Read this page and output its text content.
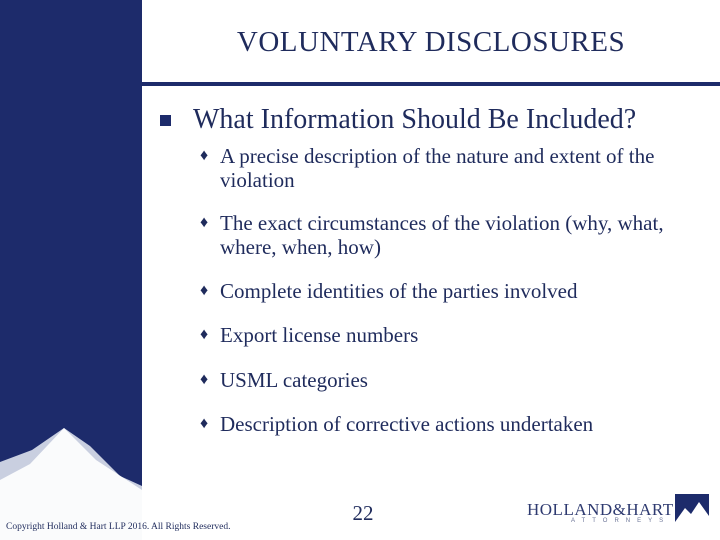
VOLUNTARY DISCLOSURES
What Information Should Be Included?
♦ A precise description of the nature and extent of the violation
♦ The exact circumstances of the violation (why, what, where, when, how)
♦ Complete identities of the parties involved
♦ Export license numbers
♦ USML categories
♦ Description of corrective actions undertaken
22
Copyright Holland & Hart LLP 2016. All Rights Reserved.
HOLLAND&HART
ATTORNEYS
